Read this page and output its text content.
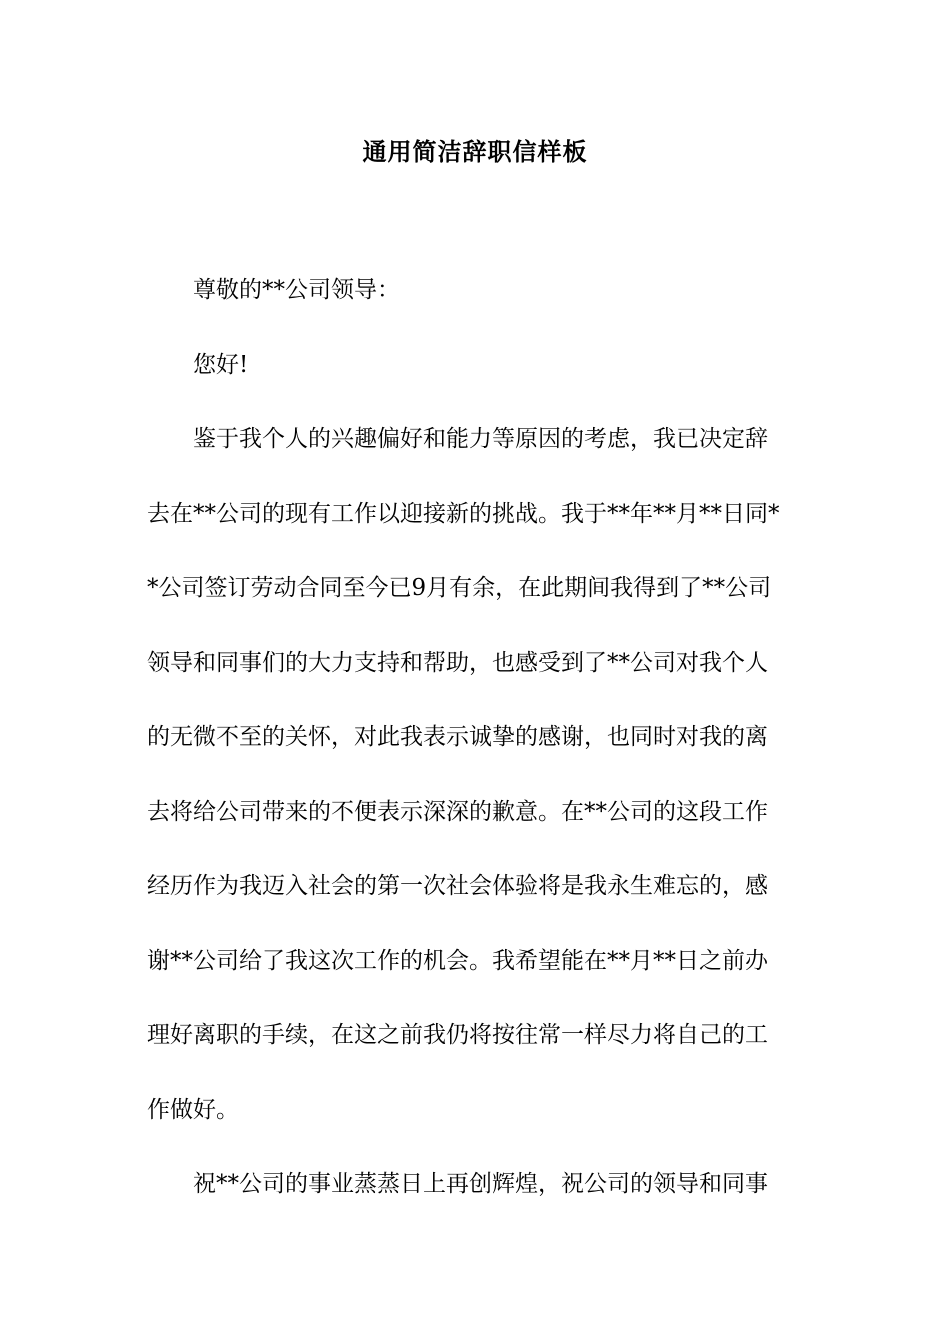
通用简洁辞职信样板
尊敬的**公司领导：
您好!
鉴于我个人的兴趣偏好和能力等原因的考虑，我已决定辞
去在**公司的现有工作以迎接新的挑战。我于**年**月**日同*
*公司签订劳动合同至今已9月有余，在此期间我得到了**公司
领导和同事们的大力支持和帮助，也感受到了**公司对我个人
的无微不至的关怀，对此我表示诚挚的感谢，也同时对我的离
去将给公司带来的不便表示深深的歉意。在**公司的这段工作
经历作为我迈入社会的第一次社会体验将是我永生难忘的，感
谢**公司给了我这次工作的机会。我希望能在**月**日之前办
理好离职的手续，在这之前我仍将按往常一样尽力将自己的工
作做好。
祝**公司的事业蒸蒸日上再创辉煌，祝公司的领导和同事
